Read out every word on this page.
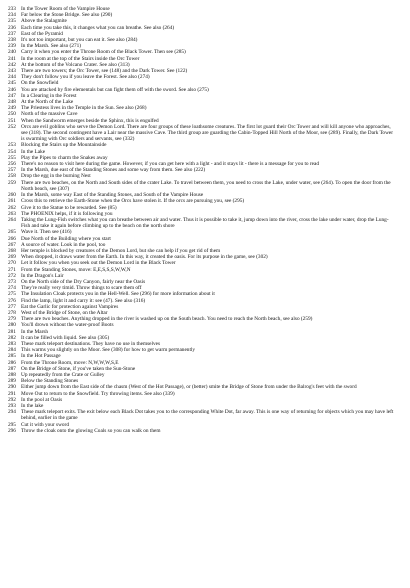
233 In the Tower Room of the Vampire House
234 Far below the Stone Bridge. See also (290)
235 Above the Stalagmite
236 Each time you take this, it changes what you can breathe. See also (264)
237 East of the Pyramid
238 It's not too important, but you can eat it. See also (284)
239 In the Marsh. See also (271)
240 Carry it when you enter the Throne Room of the Black Tower. Then see (285)
241 In the room at the top of the Stairs inside the Orc Tower
242 At the bottom of the Volcano Crater. See also (313)
243 There are two towers; the Orc Tower, see (148) and the Dark Tower. See (122)
244 They don't follow you if you leave the Forest. See also (274)
245 On the Snowfield
246 You are attacked by fire elementals but can fight them off with the sword. See also (275)
247 In a Clearing in the Forest
248 At the North of the Lake
249 The Priestess lives in the Temple in the Sun. See also (268)
250 North of the massive Cave
251 When the Sandworm emerges beside the Sphinx, this is engulfed
252 Orcs are evil goblins who serve the Demon Lord. There are four groups of these loathsome creatures. The first lot guard their Orc Tower and will kill anyone who approaches, see (318). The second contingent have a Lair near the massive Cave. The third group are guarding the Cabin-Topped Hill North of the Moor, see (289). Finally, the Dark Tower is swarming with Orc soldiers and servants, see (332)
253 Blocking the Stairs up the Mountainside
254 In the Lake
255 Play the Pipes to charm the Snakes away
256 There's no reason to visit here during the game. However, if you can get here with a light - and it stays lit - there is a message for you to read
257 In the Marsh, due east of the Standing Stones and some way from them. See also (222)
258 Drop the egg in the burning Nest
259 There are two beaches, on the North and South sides of the crater Lake. To travel between them, you need to cross the Lake, under water, see (264). To open the door from the North beach, see (307)
260 In the Marsh, some way East of the Standing Stones, and South of the Vampire House
261 Cross this to retrieve the Earth-Stone when the Orcs have stolen it. If the orcs are pursuing you, see (295)
262 Give it to the Statue to be rewarded. See (85)
263 The PHOENIX helps, if it is following you
264 Taking the Lung-Fish switches what you can breathe between air and water. Thus it is possible to take it, jump down into the river, cross the lake under water, drop the Lung-Fish and take it again before climbing up to the beach on the north shore
265 Wave it. Then see (416)
266 Due North of the Building where you start
267 A source of water. Look in the pool, too
268 Her temple is blocked by creatures of the Demon Lord, but she can help if you get rid of them
269 When dropped, it draws water from the Earth. In this way, it created the oasis. For its purpose in the game, see (302)
270 Let it follow you when you seek out the Demon Lord in the Black Tower
271 From the Standing Stones, move: E,E,S,S,S,W,W,N
272 In the Dragon's Lair
273 On the North side of the Dry Canyon, fairly near the Oasis
274 They're really very timid. Throw things to scare them off
275 The Insulation Cloak protects you in the Hell-Well. See (296) for more information about it
276 Find the lamp, light it and carry it: see (47). See also (316)
277 Eat the Garlic for protection against Vampires
278 West of the Bridge of Stone, on the Altar
279 There are two beaches. Anything dropped in the river is washed up on the South beach. You need to reach the North beach, see also (259)
280 You'll drown without the water-proof Boots
281 In the Marsh
282 It can be filled with liquid. See also (305)
283 These mark teleport destinations. They have no use in themselves
284 This warms you slightly on the Moor. See (308) for how to get warm permanently
285 In the Hot Passage
286 From the Throne Room, move: N,W,W,W,S,E
287 On the Bridge of Stone, if you've taken the Sun-Stone
288 Up repeatedly from the Crate or Gulley
289 Below the Standing Stones
290 Either jump down from the East side of the chasm (West of the Hot Passage), or (better) smite the Bridge of Stone from under the Balrog's feet with the sword
291 Move Out to return to the Snowfield. Try throwing items. See also (339)
292 In the pool at Oasis
293 In the lake
294 These mark teleport exits. The exit below each Black Dot takes you to the corresponding White Dot, far away. This is one way of returning for objects which you may have left behind, earlier in the game
295 Cut it with your sword
296 Throw the cloak onto the glowing Coals so you can walk on them
